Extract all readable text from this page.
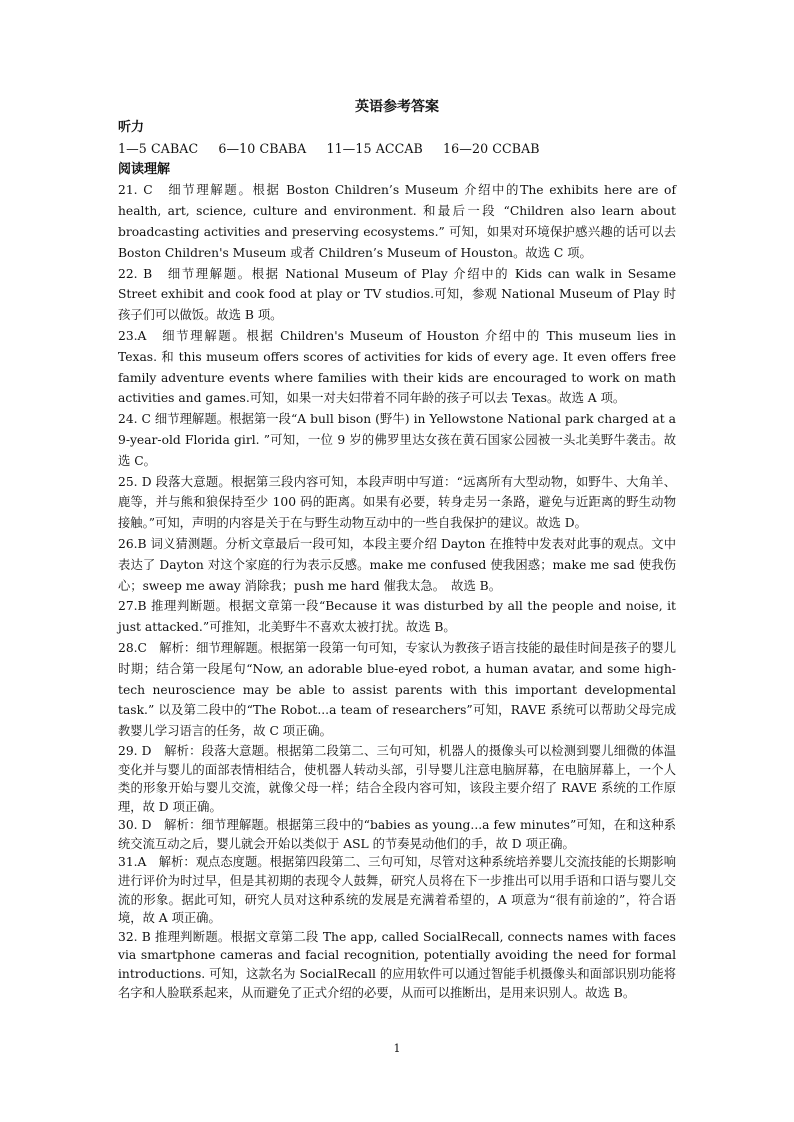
英语参考答案
听力
1—5 CABAC 6—10 CBABA 11—15 ACCAB 16—20 CCBAB
阅读理解

21. C　细节理解题。根据 Boston Children’s Museum 介绍中的The exhibits here are of health, art, science, culture and environment. 和最后一段 “Children also learn about broadcasting activities and preserving ecosystems.” 可知，如果对环境保护感兴趣的话可以去 Boston Children's Museum 或者 Children’s Museum of Houston。故选 C 项。

22. B　细节理解题。根据 National Museum of Play 介绍中的 Kids can walk in Sesame Street exhibit and cook food at play or TV studios.可知，参观 National Museum of Play 时孩子们可以做饭。故选 B 项。

23.A　细节理解题。根据 Children's Museum of Houston 介绍中的 This museum lies in Texas. 和 this museum offers scores of activities for kids of every age. It even offers free family adventure events where families with their kids are encouraged to work on math activities and games.可知，如果一对夫妇带着不同年龄的孩子可以去 Texas。故选 A 项。

24. C 细节理解题。根据第一段“A bull bison (野牛) in Yellowstone National park charged at a 9-year-old Florida girl. ”可知，一位 9 岁的佛罗里达女孩在黄石国家公园被一头北美野牛袭击。故选 C。

25. D 段落大意题。根据第三段内容可知，本段声明中写道：“远离所有大型动物，如野牛、大角羊、鹿等，并与熊和狼保持至少 100 码的距离。如果有必要，转身走另一条路，避免与近距离的野生动物接触。”可知，声明的内容是关于在与野生动物互动中的一些自我保护的建议。故选 D。

26.B 词义猜测题。分析文章最后一段可知，本段主要介绍 Dayton 在推特中发表对此事的观点。文中表达了 Dayton 对这个家庭的行为表示反感。make me confused 使我困惑；make me sad 使我伤心；sweep me away 消除我；push me hard 催我太急。　故选 B。

27.B 推理判断题。根据文章第一段“Because it was disturbed by all the people and noise, it just attacked.”可推知，北美野牛不喜欢太被打扰。故选 B。

28.C　解析：细节理解题。根据第一段第一句可知，专家认为教孩子语言技能的最佳时间是孩子的婴儿时期；结合第一段尾句“Now, an adorable blue-eyed robot, a human avatar, and some high-tech neuroscience may be able to assist parents with this important developmental task.” 以及第二段中的“The Robot...a team of researchers”可知，RAVE 系统可以帮助父母完成教婴儿学习语言的任务，故 C 项正确。

29. D　解析：段落大意题。根据第二段第二、三句可知，机器人的摄像头可以检测到婴儿细微的体温变化并与婴儿的面部表情相结合，使机器人转动头部，引导婴儿注意电脑屏幕，在电脑屏幕上，一个人类的形象开始与婴儿交流，就像父母一样；结合全段内容可知，该段主要介绍了 RAVE 系统的工作原理，故 D 项正确。

30. D　解析：细节理解题。根据第三段中的“babies as young...a few minutes”可知，在和这种系统交流互动之后，婴儿就会开始以类似于 ASL 的节奏晃动他们的手，故 D 项正确。

31.A　解析：观点态度题。根据第四段第二、三句可知，尽管对这种系统培养婴儿交流技能的长期影响进行评价为时过早，但是其初期的表现令人鼓舞，研究人员将在下一步推出可以用手语和口语与婴儿交流的形象。据此可知，研究人员对这种系统的发展是充满着希望的，A 项意为“很有前途的”，符合语境，故 A 项正确。

32. B 推理判断题。根据文章第二段 The app, called SocialRecall, connects names with faces via smartphone cameras and facial recognition, potentially avoiding the need for formal introductions. 可知，这款名为 SocialRecall 的应用软件可以通过智能手机摄像头和面部识别功能将名字和人脸联系起来，从而避免了正式介绍的必要，从而可以推断出，是用来识别人。故选 B。

1
